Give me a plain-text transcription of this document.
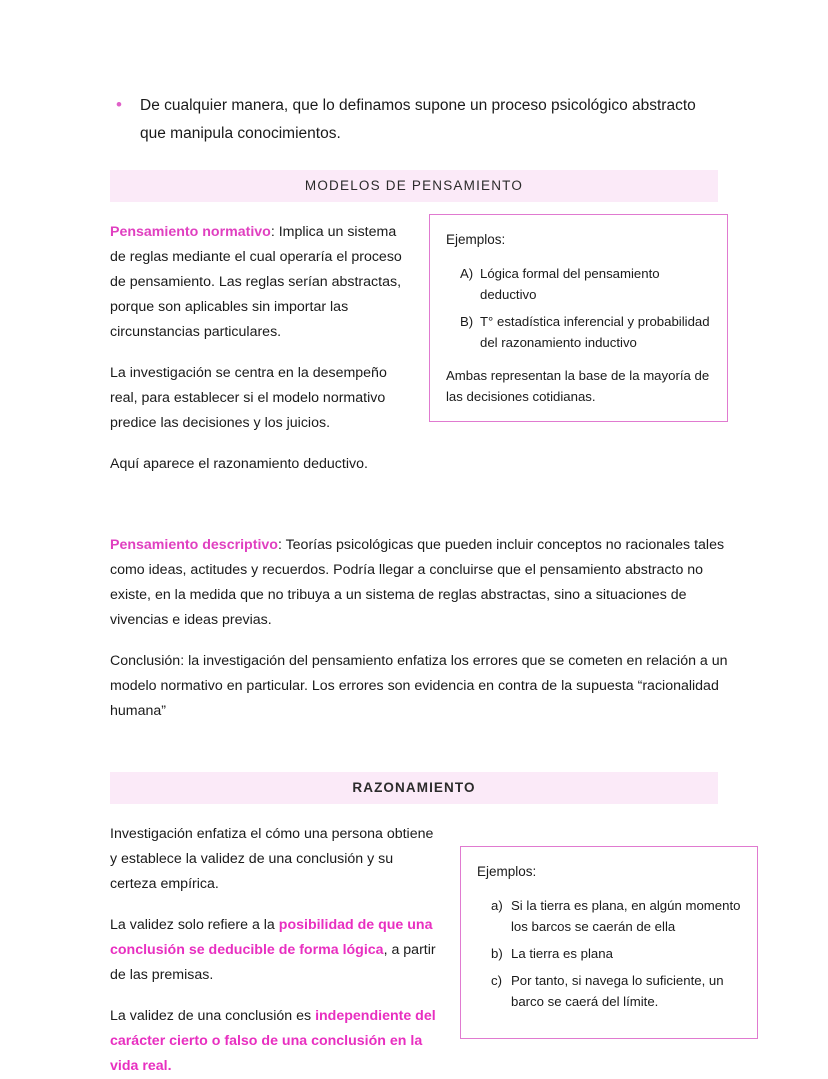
•	De cualquier manera, que lo definamos supone un proceso psicológico abstracto que manipula conocimientos.
MODELOS DE PENSAMIENTO

Pensamiento normativo: Implica un sistema de reglas mediante el cual operaría el proceso de pensamiento. Las reglas serían abstractas, porque son aplicables sin importar las circunstancias particulares.

La investigación se centra en la desempeño real, para establecer si el modelo normativo predice las decisiones y los juicios.

Aquí aparece el razonamiento deductivo.

Ejemplos:

A) Lógica formal del pensamiento deductivo
B) T° estadística inferencial y probabilidad del razonamiento inductivo

Ambas representan la base de la mayoría de las decisiones cotidianas.

Pensamiento descriptivo: Teorías psicológicas que pueden incluir conceptos no racionales tales como ideas, actitudes y recuerdos. Podría llegar a concluirse que el pensamiento abstracto no existe, en la medida que no tribuya a un sistema de reglas abstractas, sino a situaciones de vivencias e ideas previas.

Conclusión: la investigación del pensamiento enfatiza los errores que se cometen en relación a un modelo normativo en particular. Los errores son evidencia en contra de la supuesta “racionalidad humana”

RAZONAMIENTO

Investigación enfatiza el cómo una persona obtiene y establece la validez de una conclusión y su certeza empírica.

La validez solo refiere a la posibilidad de que una conclusión se deducible de forma lógica, a partir de las premisas.

La validez de una conclusión es independiente del carácter cierto o falso de una conclusión en la vida real.

Ejemplos:

a) Si la tierra es plana, en algún momento los barcos se caerán de ella
b) La tierra es plana
c) Por tanto, si navega lo suficiente, un barco se caerá del límite.
